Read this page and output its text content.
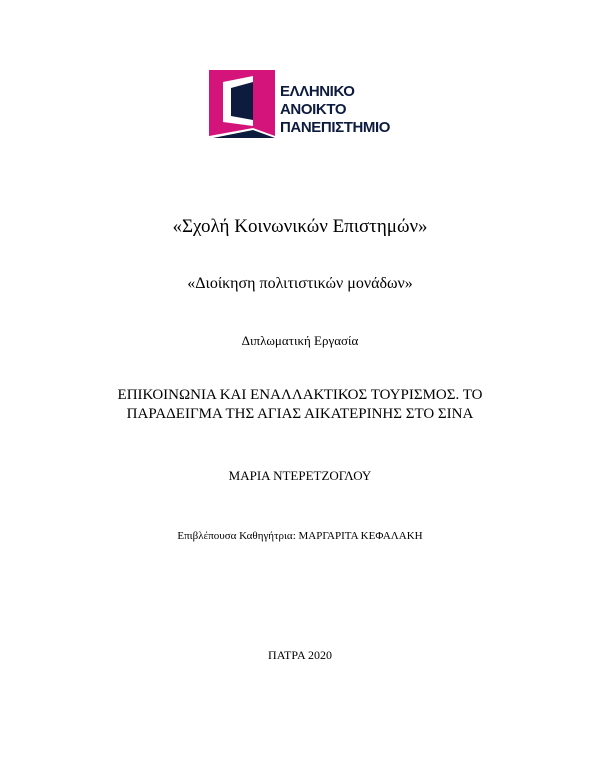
ΕΛΛΗΝΙΚΟ
ΑΝΟΙΚΤΟ
ΠΑΝΕΠΙΣΤΗΜΙΟ
«Σχολή Κοινωνικών Επιστημών»
«Διοίκηση πολιτιστικών μονάδων»
Διπλωματική Εργασία
ΕΠΙΚΟΙΝΩΝΙΑ ΚΑΙ ΕΝΑΛΛΑΚΤΙΚΟΣ ΤΟΥΡΙΣΜΟΣ. ΤΟ
ΠΑΡΑΔΕΙΓΜΑ ΤΗΣ ΑΓΙΑΣ ΑΙΚΑΤΕΡΙΝΗΣ ΣΤΟ ΣΙΝΑ
ΜΑΡΙΑ ΝΤΕΡΕΤΖΟΓΛΟΥ
Επιβλέπουσα Καθηγήτρια: ΜΑΡΓΑΡΙΤΑ ΚΕΦΑΛΑΚΗ
ΠΑΤΡΑ 2020
